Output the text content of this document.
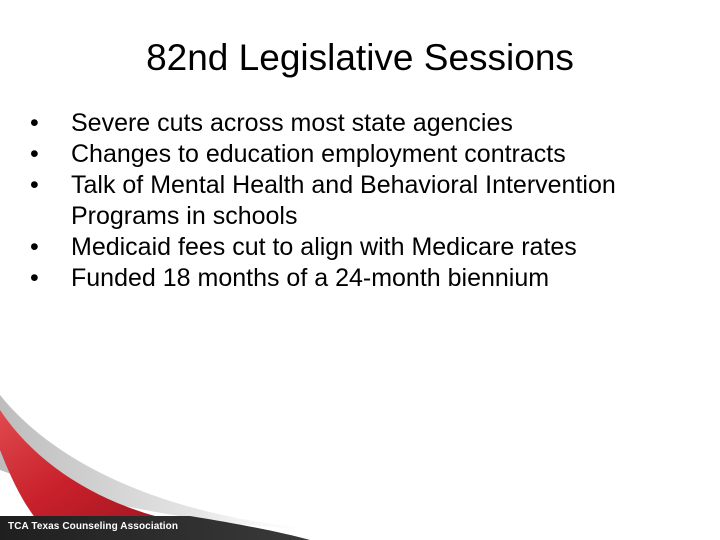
82nd Legislative Sessions
• Severe cuts across most state agencies
• Changes to education employment contracts
• Talk of Mental Health and Behavioral Intervention Programs in schools
• Medicaid fees cut to align with Medicare rates
• Funded 18 months of a 24-month biennium
TCA Texas Counseling Association
